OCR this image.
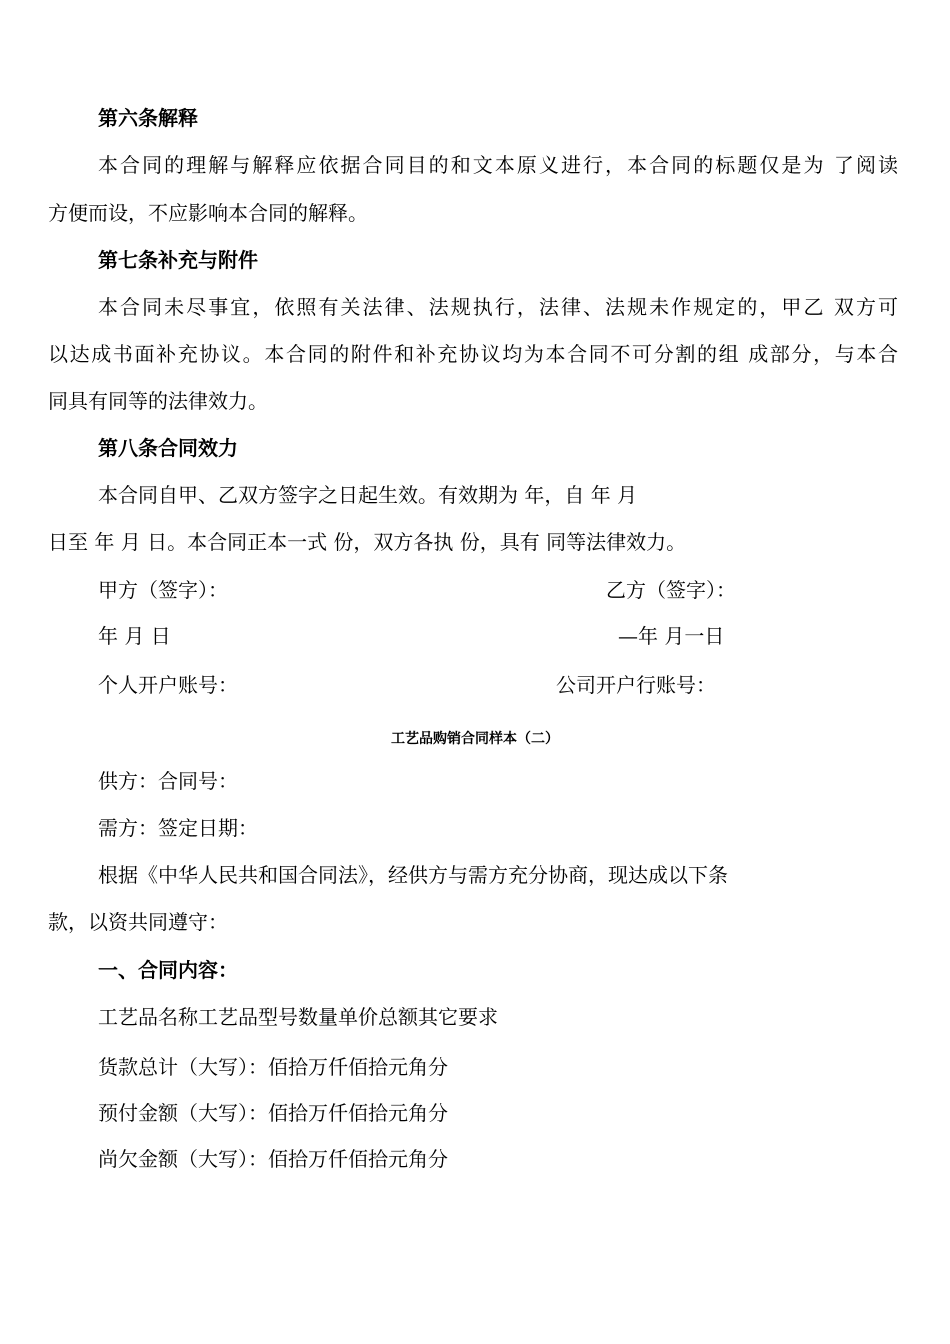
第六条解释
本合同的理解与解释应依据合同目的和文本原义进行，本合同的标题仅是为 了阅读
方便而设，不应影响本合同的解释。
第七条补充与附件
本合同未尽事宜，依照有关法律、法规执行，法律、法规未作规定的，甲乙 双方可
以达成书面补充协议。本合同的附件和补充协议均为本合同不可分割的组 成部分，与本合
同具有同等的法律效力。
第八条合同效力
本合同自甲、乙双方签字之日起生效。有效期为 年，自 年 月
日至 年 月 日。本合同正本一式 份，双方各执 份，具有 同等法律效力。
甲方（签字）：	乙方（签字）：
年 月 日	—年 月一日
个人开户账号：	公司开户行账号：
工艺品购销合同样本（二）
供方：合同号：
需方：签定日期：
根据《中华人民共和国合同法》，经供方与需方充分协商，现达成以下条
款，以资共同遵守：
一、合同内容：
工艺品名称工艺品型号数量单价总额其它要求
货款总计（大写）：佰拾万仟佰拾元角分
预付金额（大写）：佰拾万仟佰拾元角分
尚欠金额（大写）：佰拾万仟佰拾元角分
